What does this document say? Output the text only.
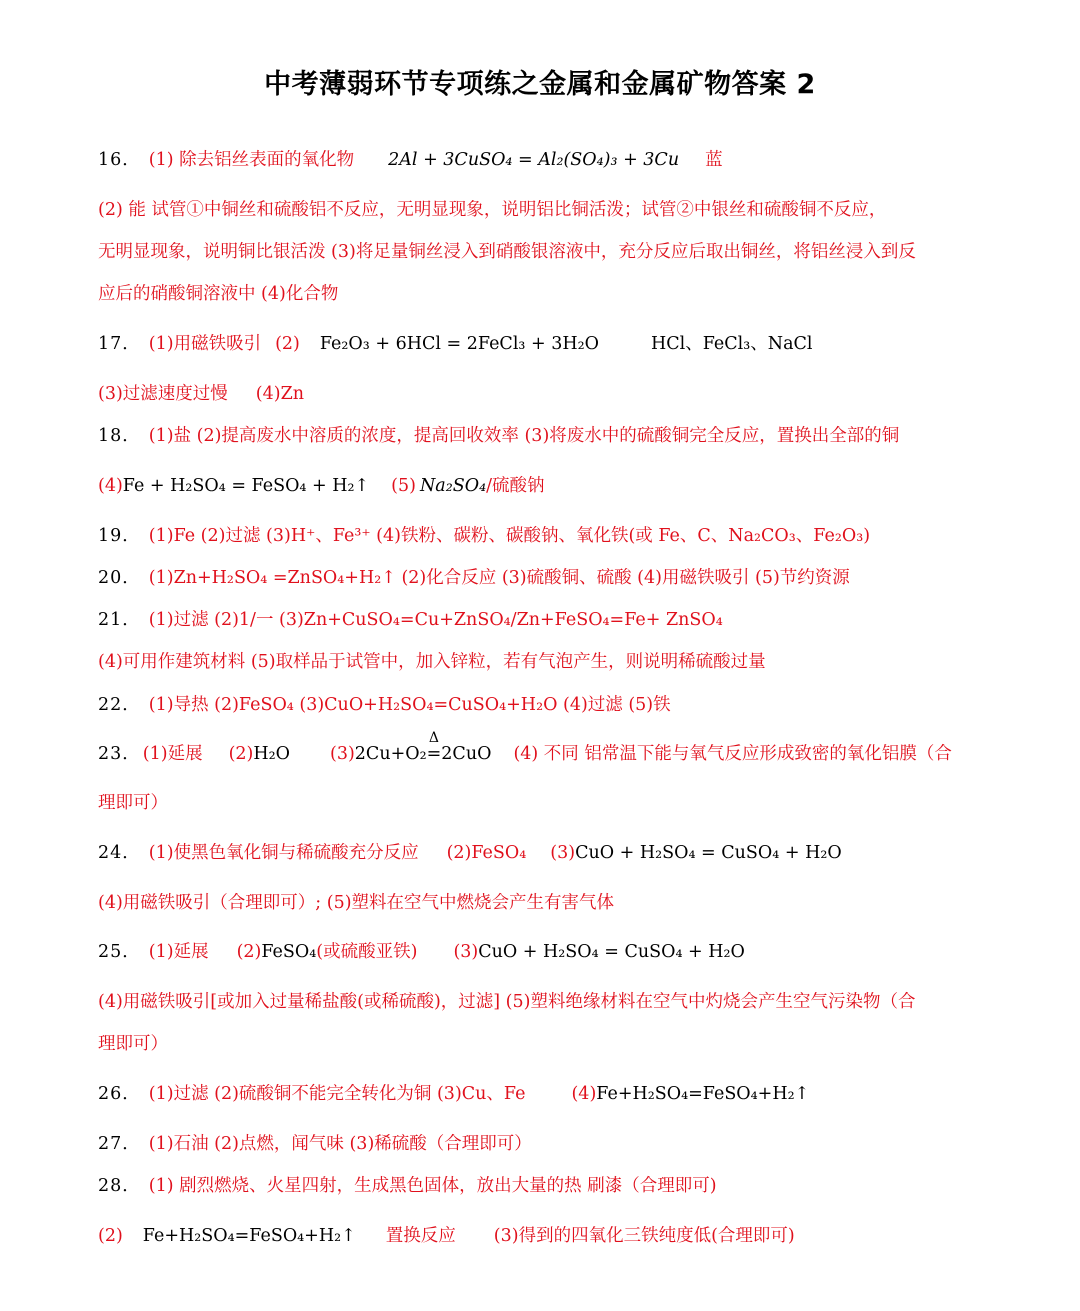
中考薄弱环节专项练之金属和金属矿物答案 2
16． (1) 除去铝丝表面的氧化物 2Al + 3CuSO₄ = Al₂(SO₄)₃ + 3Cu 蓝
(2) 能 试管①中铜丝和硫酸铝不反应，无明显现象，说明铝比铜活泼；试管②中银丝和硫酸铜不反应，
无明显现象，说明铜比银活泼 (3)将足量铜丝浸入到硝酸银溶液中，充分反应后取出铜丝，将铝丝浸入到反
应后的硝酸铜溶液中 (4)化合物
17． (1)用磁铁吸引 (2) Fe₂O₃ + 6HCl = 2FeCl₃ + 3H₂O	HCl、FeCl₃、NaCl
(3)过滤速度过慢 (4)Zn
18． (1)盐 (2)提高废水中溶质的浓度，提高回收效率 (3)将废水中的硫酸铜完全反应，置换出全部的铜
(4)Fe + H₂SO₄ = FeSO₄ + H₂↑ (5) Na₂SO₄/硫酸钠
19． (1)Fe (2)过滤 (3)H⁺、Fe³⁺ (4)铁粉、碳粉、碳酸钠、氧化铁(或 Fe、C、Na₂CO₃、Fe₂O₃)
20． (1)Zn+H₂SO₄ =ZnSO₄+H₂↑ (2)化合反应 (3)硫酸铜、硫酸 (4)用磁铁吸引 (5)节约资源
21． (1)过滤 (2)1/一 (3)Zn+CuSO₄=Cu+ZnSO₄/Zn+FeSO₄=Fe+ ZnSO₄
(4)可用作建筑材料 (5)取样品于试管中，加入锌粒，若有气泡产生，则说明稀硫酸过量
22． (1)导热 (2)FeSO₄ (3)CuO+H₂SO₄=CuSO₄+H₂O (4)过滤 (5)铁
23． (1)延展 (2)H₂O (3)2Cu+O₂
Δ
=2CuO (4) 不同 铝常温下能与氧气反应形成致密的氧化铝膜（合
理即可）
24． (1)使黑色氧化铜与稀硫酸充分反应 (2)FeSO₄ (3)CuO + H₂SO₄ = CuSO₄ + H₂O
(4)用磁铁吸引（合理即可）; (5)塑料在空气中燃烧会产生有害气体
25． (1)延展 (2)FeSO₄(或硫酸亚铁) (3)CuO + H₂SO₄ = CuSO₄ + H₂O
(4)用磁铁吸引[或加入过量稀盐酸(或稀硫酸)，过滤] (5)塑料绝缘材料在空气中灼烧会产生空气污染物（合
理即可）
26． (1)过滤 (2)硫酸铜不能完全转化为铜 (3)Cu、Fe	(4)Fe+H₂SO₄=FeSO₄+H₂↑
27． (1)石油 (2)点燃，闻气味 (3)稀硫酸（合理即可）
28． (1) 剧烈燃烧、火星四射，生成黑色固体，放出大量的热 刷漆（合理即可)
(2) Fe+H₂SO₄=FeSO₄+H₂↑ 置换反应 (3)得到的四氧化三铁纯度低(合理即可)
